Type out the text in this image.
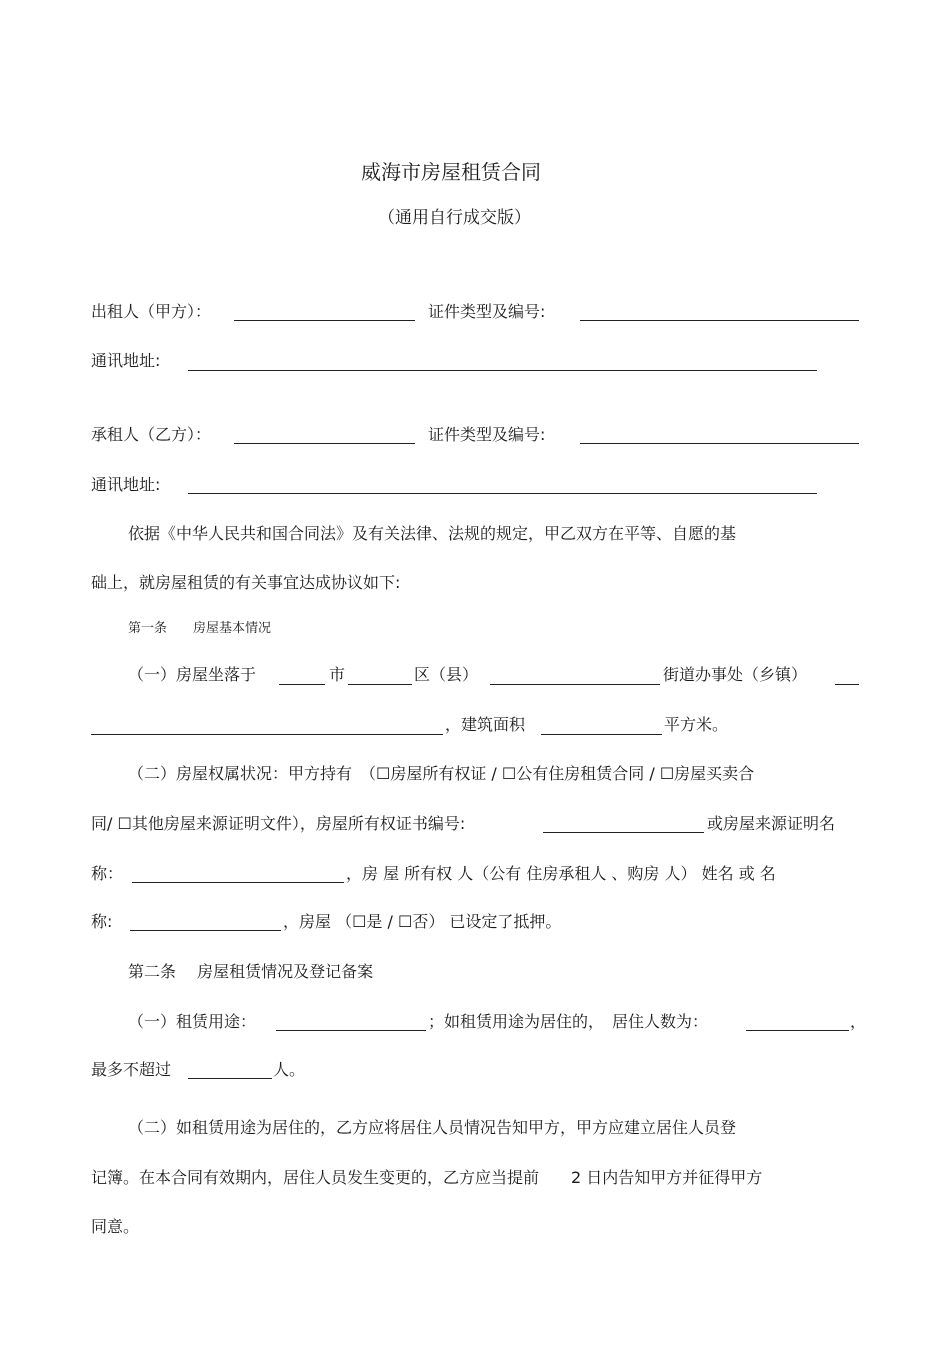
威海市房屋租赁合同
（通用自行成交版）
出租人（甲方）：	证件类型及编号:
通讯地址:
承租人（乙方）：	证件类型及编号:
通讯地址:
依据《中华人民共和国合同法》及有关法律、法规的规定，甲乙双方在平等、自愿的基
础上，就房屋租赁的有关事宜达成协议如下:
第一条　　房屋基本情况
（一）房屋坐落于	市	区（县）	街道办事处（乡镇）
，建筑面积	平方米。
（二）房屋权属状况：甲方持有　（☐房屋所有权证 / ☐公有住房租赁合同 / ☐房屋买卖合
同/ ☐其他房屋来源证明文件），房屋所有权证书编号:	或房屋来源证明名
称：	，房 屋 所有权 人（公有 住房承租人 、购房 人） 姓名 或 名
称:	，房屋 （☐是 / ☐否） 已设定了抵押。
第二条　 房屋租赁情况及登记备案
（一）租赁用途：	；如租赁用途为居住的，　居住人数为：	，
最多不超过	人。
（二）如租赁用途为居住的，乙方应将居住人员情况告知甲方，甲方应建立居住人员登
记簿。在本合同有效期内，居住人员发生变更的，乙方应当提前　　2 日内告知甲方并征得甲方
同意。
